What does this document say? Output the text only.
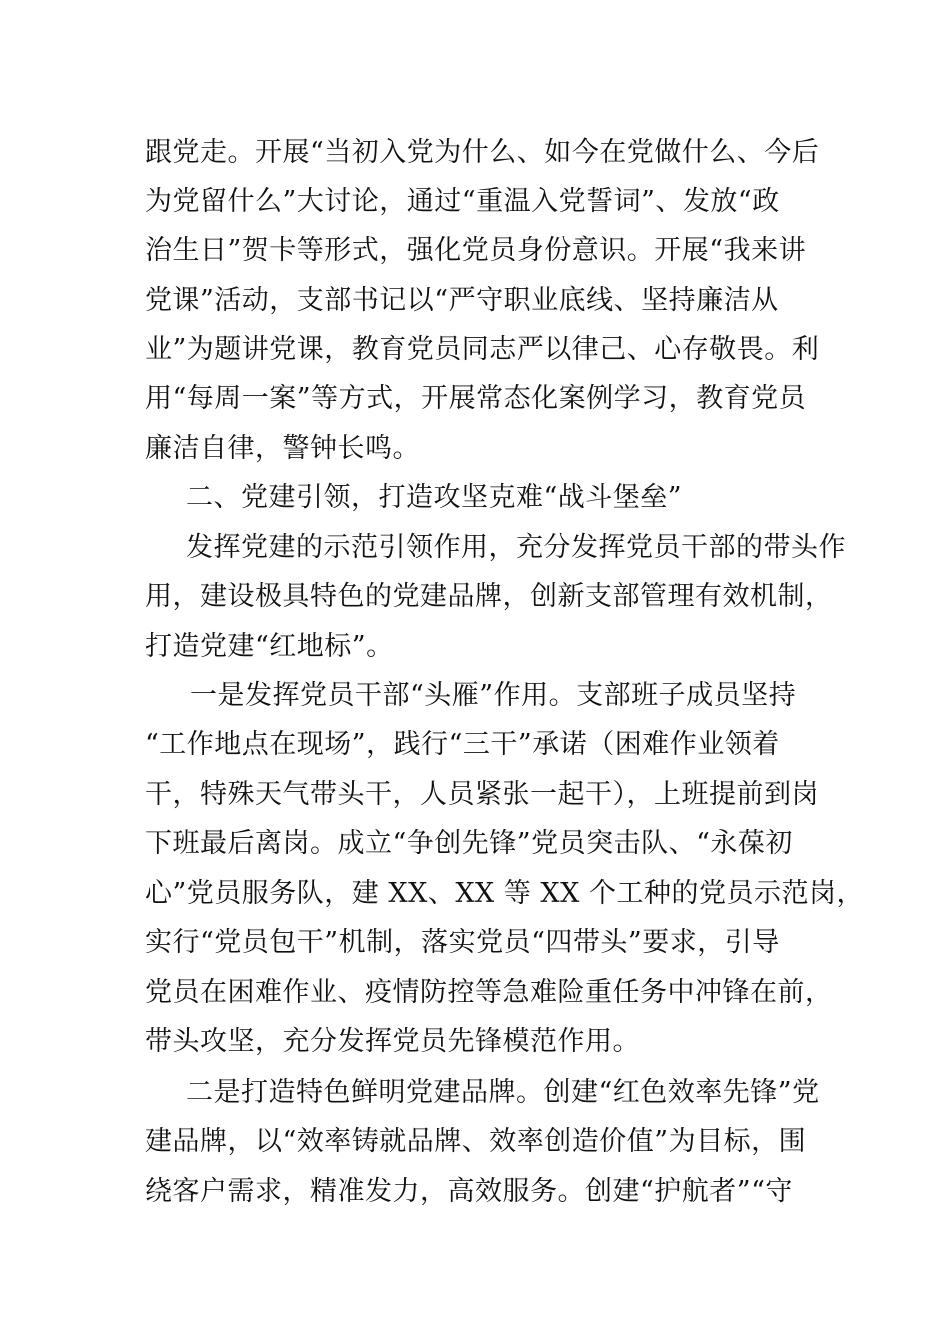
跟党走。开展“当初入党为什么、如今在党做什么、今后
为党留什么”大讨论，通过“重温入党誓词”、发放“政
治生日”贺卡等形式，强化党员身份意识。开展“我来讲
党课”活动，支部书记以“严守职业底线、坚持廉洁从
业”为题讲党课，教育党员同志严以律己、心存敬畏。利
用“每周一案”等方式，开展常态化案例学习，教育党员
廉洁自律，警钟长鸣。
二、党建引领，打造攻坚克难“战斗堡垒”
发挥党建的示范引领作用，充分发挥党员干部的带头作
用，建设极具特色的党建品牌，创新支部管理有效机制，
打造党建“红地标”。
一是发挥党员干部“头雁”作用。支部班子成员坚持
“工作地点在现场”，践行“三干”承诺（困难作业领着
干，特殊天气带头干，人员紧张一起干），上班提前到岗
下班最后离岗。成立“争创先锋”党员突击队、“永葆初
心”党员服务队，建 XX、XX 等 XX 个工种的党员示范岗，
实行“党员包干”机制，落实党员“四带头”要求，引导
党员在困难作业、疫情防控等急难险重任务中冲锋在前，
带头攻坚，充分发挥党员先锋模范作用。
二是打造特色鲜明党建品牌。创建“红色效率先锋”党
建品牌，以“效率铸就品牌、效率创造价值”为目标，围
绕客户需求，精准发力，高效服务。创建“护航者”“守
